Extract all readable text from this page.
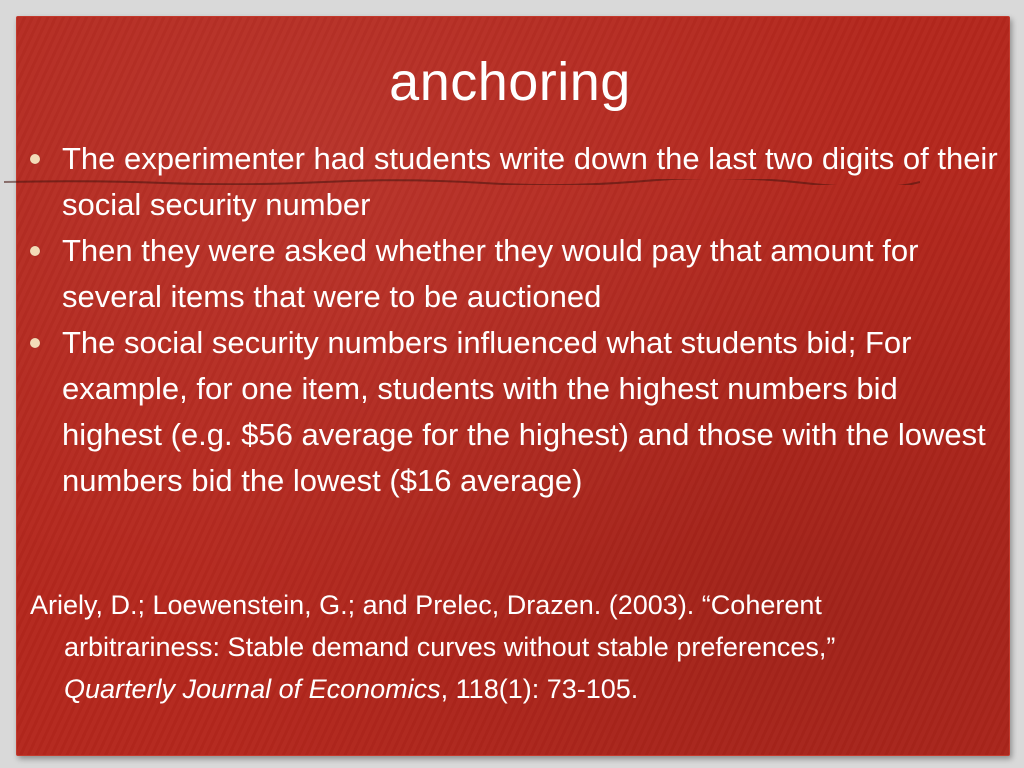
anchoring
The experimenter had students write down the last two digits of their social security number
Then they were asked whether they would pay that amount for several items that were to be auctioned
The social security numbers influenced what students bid; For example, for one item, students with the highest numbers bid highest (e.g. $56 average for the highest) and those with the lowest numbers bid the lowest ($16 average)
Ariely, D.; Loewenstein, G.; and Prelec, Drazen. (2003). “Coherent
arbitrariness: Stable demand curves without stable preferences,”
Quarterly Journal of Economics, 118(1): 73-105.
